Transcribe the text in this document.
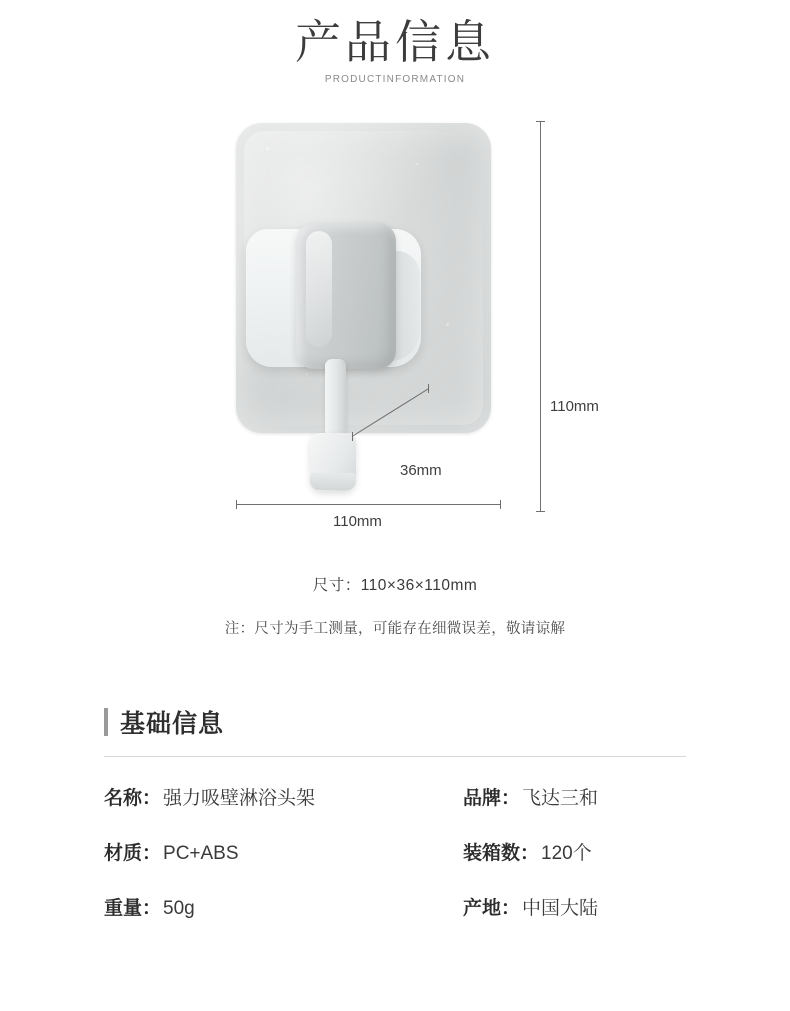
产品信息
PRODUCTINFORMATION
110mm
110mm
36mm
尺寸：110×36×110mm
注：尺寸为手工测量，可能存在细微误差，敬请谅解
基础信息
名称： 强力吸壁淋浴头架	品牌： 飞达三和
材质： PC+ABS	装箱数： 120个
重量： 50g	产地： 中国大陆
